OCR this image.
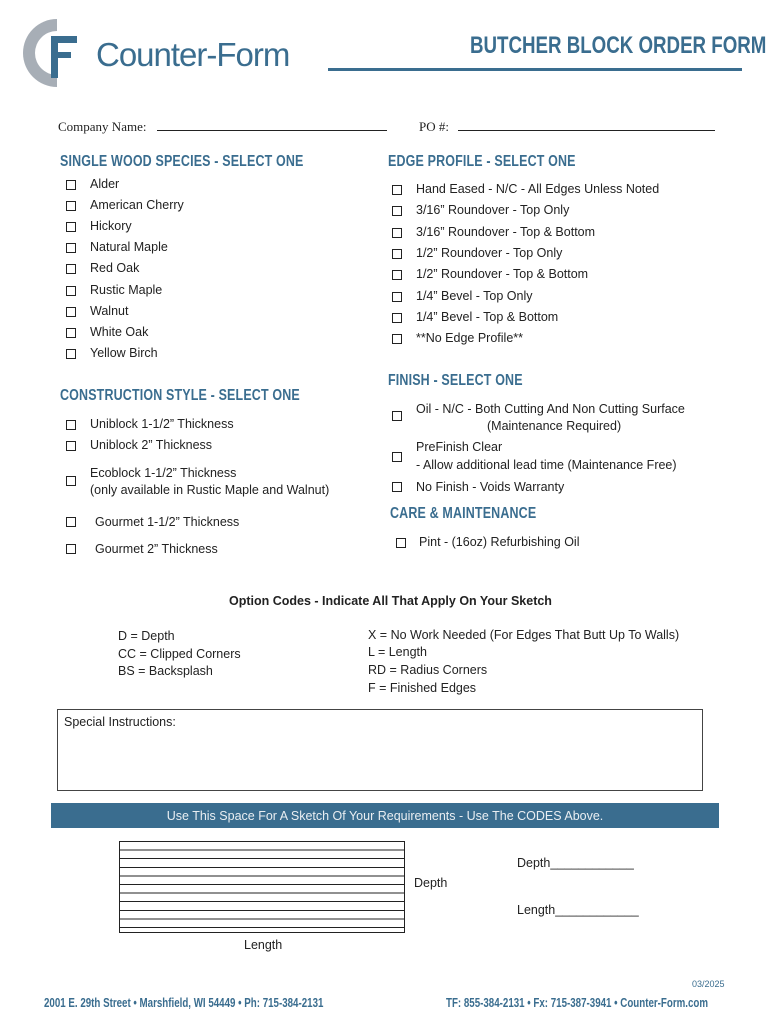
Counter-Form	BUTCHER BLOCK ORDER FORM
Company Name:	PO #:
SINGLE WOOD SPECIES - SELECT ONE
Alder
American Cherry
Hickory
Natural Maple
Red Oak
Rustic Maple
Walnut
White Oak
Yellow Birch
EDGE PROFILE - SELECT ONE
Hand Eased - N/C - All Edges Unless Noted
3/16” Roundover - Top Only
3/16” Roundover - Top & Bottom
1/2” Roundover - Top Only
1/2” Roundover - Top & Bottom
1/4” Bevel - Top Only
1/4” Bevel - Top & Bottom
**No Edge Profile**
CONSTRUCTION STYLE - SELECT ONE
Uniblock 1-1/2” Thickness
Uniblock 2” Thickness
Ecoblock 1-1/2” Thickness
(only available in Rustic Maple and Walnut)
Gourmet 1-1/2” Thickness
Gourmet 2” Thickness
FINISH - SELECT ONE
Oil - N/C - Both Cutting And Non Cutting Surface
(Maintenance Required)
PreFinish Clear
- Allow additional lead time (Maintenance Free)
No Finish - Voids Warranty
CARE & MAINTENANCE
Pint - (16oz) Refurbishing Oil
Option Codes - Indicate All That Apply On Your Sketch
D = Depth
CC = Clipped Corners
BS = Backsplash
X = No Work Needed (For Edges That Butt Up To Walls)
L = Length
RD = Radius Corners
F = Finished Edges
Special Instructions:
Use This Space For A Sketch Of Your Requirements - Use The CODES Above.
Depth____________
Depth
Length____________
Length
03/2025
2001 E. 29th Street • Marshfield, WI 54449 • Ph: 715-384-2131	TF: 855-384-2131 • Fx: 715-387-3941 • Counter-Form.com
